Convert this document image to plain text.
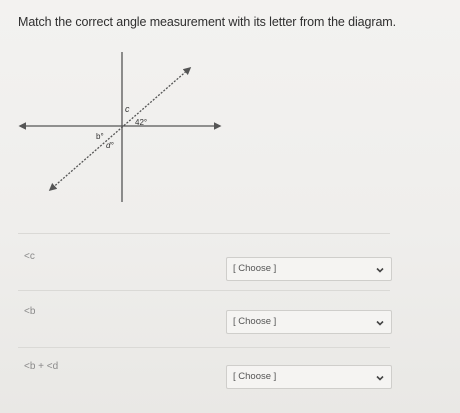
Match the correct angle measurement with its letter from the diagram.
c
42°
b°
d°
<c
[ Choose ]
<b
[ Choose ]
<b + <d
[ Choose ]
